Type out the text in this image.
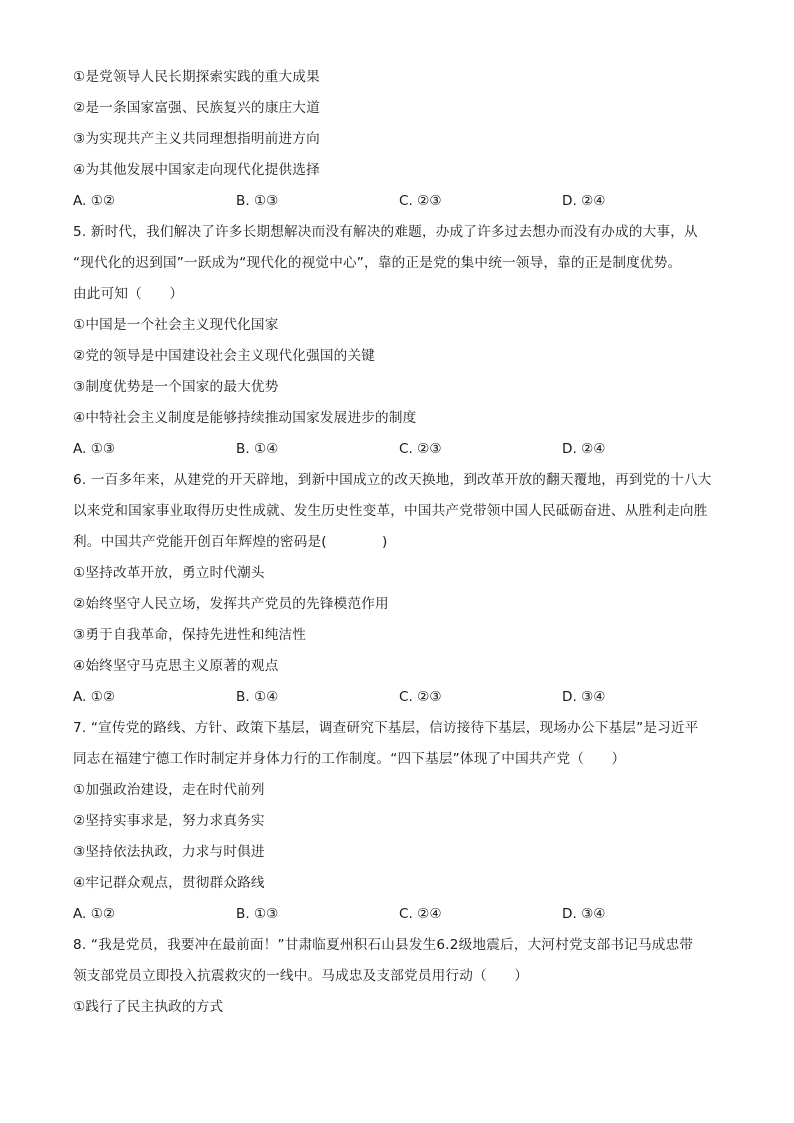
①是党领导人民长期探索实践的重大成果
②是一条国家富强、民族复兴的康庄大道
③为实现共产主义共同理想指明前进方向
④为其他发展中国家走向现代化提供选择
A. ①②	B. ①③	C. ②③	D. ②④
5. 新时代，我们解决了许多长期想解决而没有解决的难题，办成了许多过去想办而没有办成的大事，从
“现代化的迟到国”一跃成为“现代化的视觉中心”，靠的正是党的集中统一领导，靠的正是制度优势。
由此可知（　　）
①中国是一个社会主义现代化国家
②党的领导是中国建设社会主义现代化强国的关键
③制度优势是一个国家的最大优势
④中特社会主义制度是能够持续推动国家发展进步的制度
A. ①③	B. ①④	C. ②③	D. ②④
6. 一百多年来，从建党的开天辟地，到新中国成立的改天换地，到改革开放的翻天覆地，再到党的十八大
以来党和国家事业取得历史性成就、发生历史性变革，中国共产党带领中国人民砥砺奋进、从胜利走向胜
利。中国共产党能开创百年辉煌的密码是(　　　　)
①坚持改革开放，勇立时代潮头
②始终坚守人民立场，发挥共产党员的先锋模范作用
③勇于自我革命，保持先进性和纯洁性
④始终坚守马克思主义原著的观点
A. ①②	B. ①④	C. ②③	D. ③④
7. “宣传党的路线、方针、政策下基层，调查研究下基层，信访接待下基层，现场办公下基层”是习近平
同志在福建宁德工作时制定并身体力行的工作制度。“四下基层”体现了中国共产党（　　）
①加强政治建设，走在时代前列
②坚持实事求是，努力求真务实
③坚持依法执政，力求与时俱进
④牢记群众观点，贯彻群众路线
A. ①②	B. ①③	C. ②④	D. ③④
8. “我是党员，我要冲在最前面！”甘肃临夏州积石山县发生6.2级地震后，大河村党支部书记马成忠带
领支部党员立即投入抗震救灾的一线中。马成忠及支部党员用行动（　　）
①践行了民主执政的方式
